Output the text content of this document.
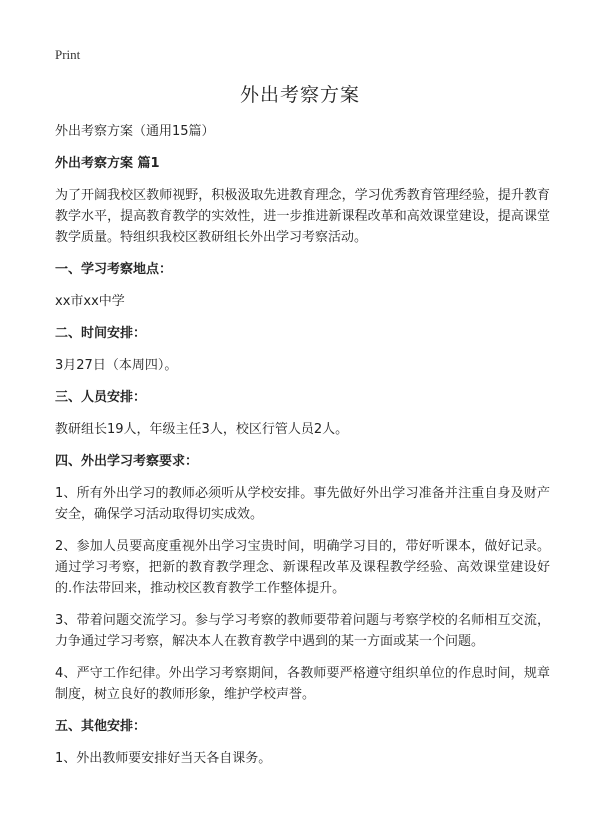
Print
外出考察方案

外出考察方案（通用15篇）

外出考察方案 篇1

为了开阔我校区教师视野，积极汲取先进教育理念，学习优秀教育管理经验，提升教育教学水平，提高教育教学的实效性，进一步推进新课程改革和高效课堂建设，提高课堂教学质量。特组织我校区教研组长外出学习考察活动。

一、学习考察地点：

xx市xx中学

二、时间安排：

3月27日（本周四）。

三、人员安排：

教研组长19人，年级主任3人，校区行管人员2人。

四、外出学习考察要求：

1、所有外出学习的教师必须听从学校安排。事先做好外出学习准备并注重自身及财产安全，确保学习活动取得切实成效。

2、参加人员要高度重视外出学习宝贵时间，明确学习目的，带好听课本，做好记录。通过学习考察，把新的教育教学理念、新课程改革及课程教学经验、高效课堂建设好的.作法带回来，推动校区教育教学工作整体提升。

3、带着问题交流学习。参与学习考察的教师要带着问题与考察学校的名师相互交流，力争通过学习考察，解决本人在教育教学中遇到的某一方面或某一个问题。

4、严守工作纪律。外出学习考察期间，各教师要严格遵守组织单位的作息时间，规章制度，树立良好的教师形象，维护学校声誉。

五、其他安排：

1、外出教师要安排好当天各自课务。
